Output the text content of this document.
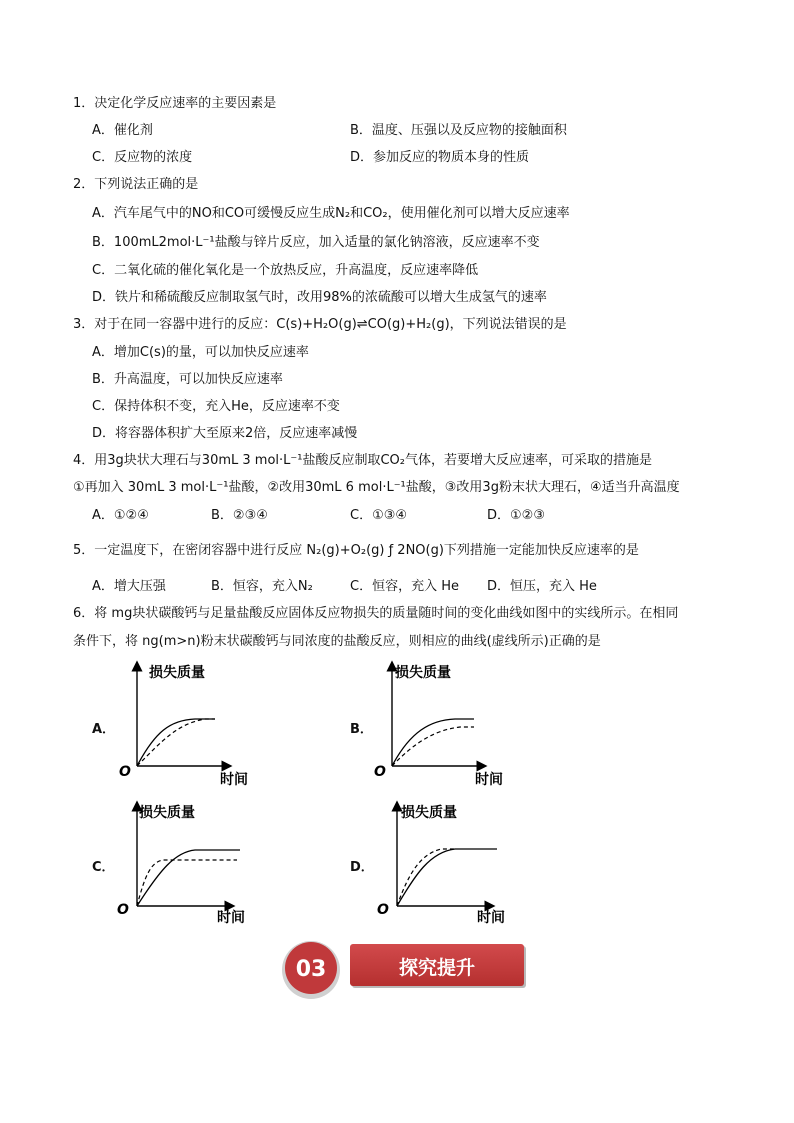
1．决定化学反应速率的主要因素是
A．催化剂	B．温度、压强以及反应物的接触面积
C．反应物的浓度	D．参加反应的物质本身的性质
2．下列说法正确的是
A．汽车尾气中的NO和CO可缓慢反应生成N₂和CO₂，使用催化剂可以增大反应速率
B．100mL2mol·L⁻¹盐酸与锌片反应，加入适量的氯化钠溶液，反应速率不变
C．二氧化硫的催化氧化是一个放热反应，升高温度，反应速率降低
D．铁片和稀硫酸反应制取氢气时，改用98%的浓硫酸可以增大生成氢气的速率
3．对于在同一容器中进行的反应：C(s)+H₂O(g)⇌CO(g)+H₂(g)，下列说法错误的是
A．增加C(s)的量，可以加快反应速率
B．升高温度，可以加快反应速率
C．保持体积不变，充入He，反应速率不变
D．将容器体积扩大至原来2倍，反应速率减慢
4．用3g块状大理石与30mL 3 mol·L⁻¹盐酸反应制取CO₂气体，若要增大反应速率，可采取的措施是
①再加入 30mL 3 mol·L⁻¹盐酸，②改用30mL 6 mol·L⁻¹盐酸，③改用3g粉末状大理石，④适当升高温度
A．①②④	B．②③④	C．①③④	D．①②③
5．一定温度下，在密闭容器中进行反应 N₂(g)+O₂(g) ƒ 2NO(g)下列措施一定能加快反应速率的是
A．增大压强	B．恒容，充入N₂	C．恒容，充入 He D．恒压，充入 He
6．将 mg块状碳酸钙与足量盐酸反应固体反应物损失的质量随时间的变化曲线如图中的实线所示。在相同
条件下，将 ng(m>n)粉末状碳酸钙与同浓度的盐酸反应，则相应的曲线(虚线所示)正确的是
A．
损失质量
时间
O
B．
损失质量
时间
O
C．
损失质量
时间
O
D．
损失质量
时间
O
03	探究提升
